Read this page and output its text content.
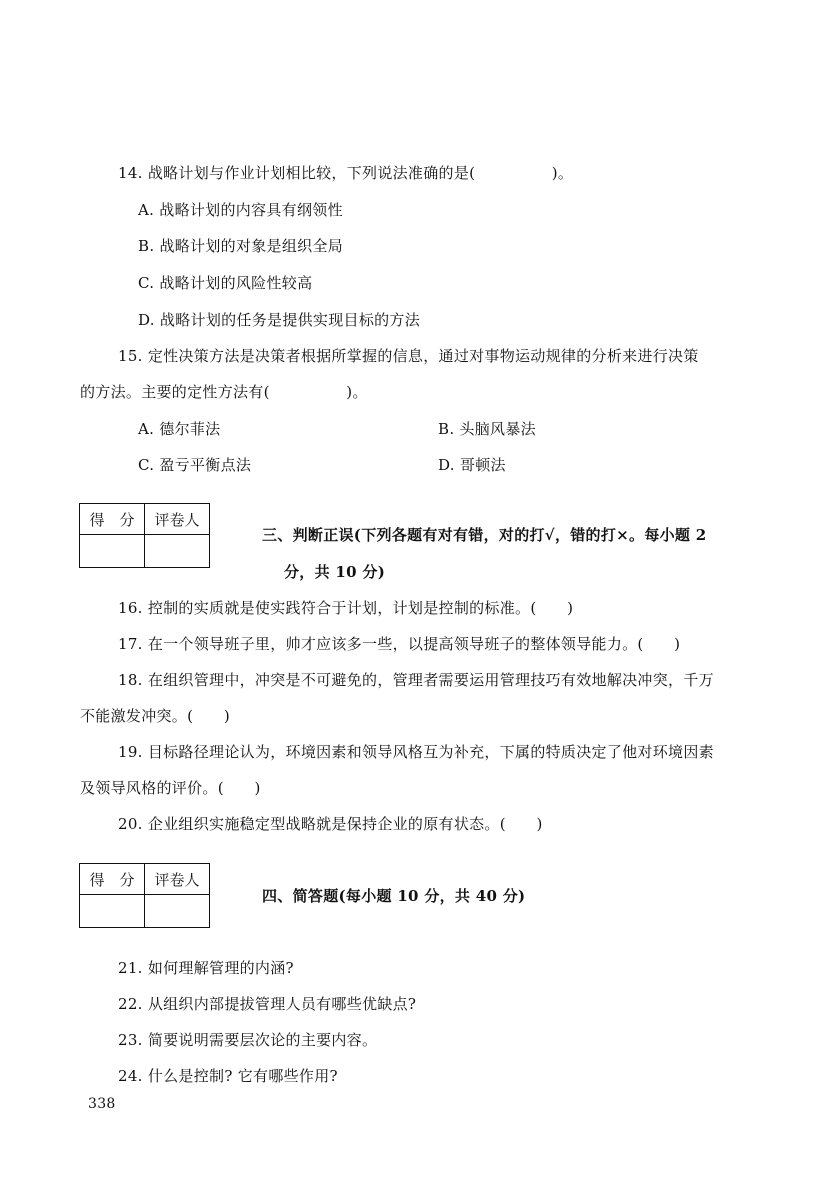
14. 战略计划与作业计划相比较，下列说法准确的是(　　　　　)。
A. 战略计划的内容具有纲领性
B. 战略计划的对象是组织全局
C. 战略计划的风险性较高
D. 战略计划的任务是提供实现目标的方法
15. 定性决策方法是决策者根据所掌握的信息，通过对事物运动规律的分析来进行决策
的方法。主要的定性方法有(　　　　　)。
A. 德尔菲法	B. 头脑风暴法
C. 盈亏平衡点法	D. 哥顿法
得　分	评卷人

三、判断正误(下列各题有对有错，对的打√，错的打×。每小题 2
分，共 10 分)
16. 控制的实质就是使实践符合于计划，计划是控制的标准。(　　)
17. 在一个领导班子里，帅才应该多一些，以提高领导班子的整体领导能力。(　　)
18. 在组织管理中，冲突是不可避免的，管理者需要运用管理技巧有效地解决冲突，千万
不能激发冲突。(　　)
19. 目标路径理论认为，环境因素和领导风格互为补充，下属的特质决定了他对环境因素
及领导风格的评价。(　　)
20. 企业组织实施稳定型战略就是保持企业的原有状态。(　　)
得　分	评卷人

四、简答题(每小题 10 分，共 40 分)
21. 如何理解管理的内涵?
22. 从组织内部提拔管理人员有哪些优缺点?
23. 简要说明需要层次论的主要内容。
24. 什么是控制? 它有哪些作用?
338
